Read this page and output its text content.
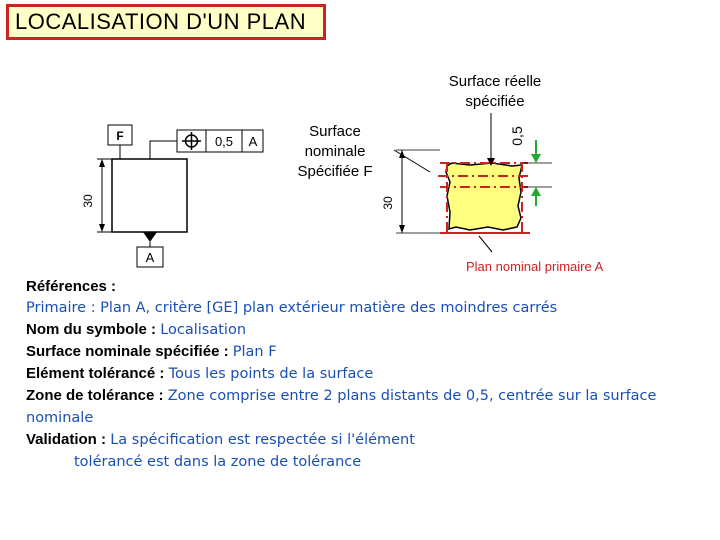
LOCALISATION D'UN PLAN
F	0,5 A
A
30	30
0,5
Surface réelle spécifiée
Surface nominale Spécifiée F
Plan nominal primaire A
Références :
Primaire : Plan A, critère [GE] plan extérieur matière des moindres carrés
Nom du symbole : Localisation
Surface nominale spécifiée : Plan F
Elément tolérancé : Tous les points de la surface
Zone de tolérance : Zone comprise entre 2 plans distants de 0,5, centrée sur la surface nominale
Validation : La spécification est respectée si l'élément
tolérancé est dans la zone de tolérance
